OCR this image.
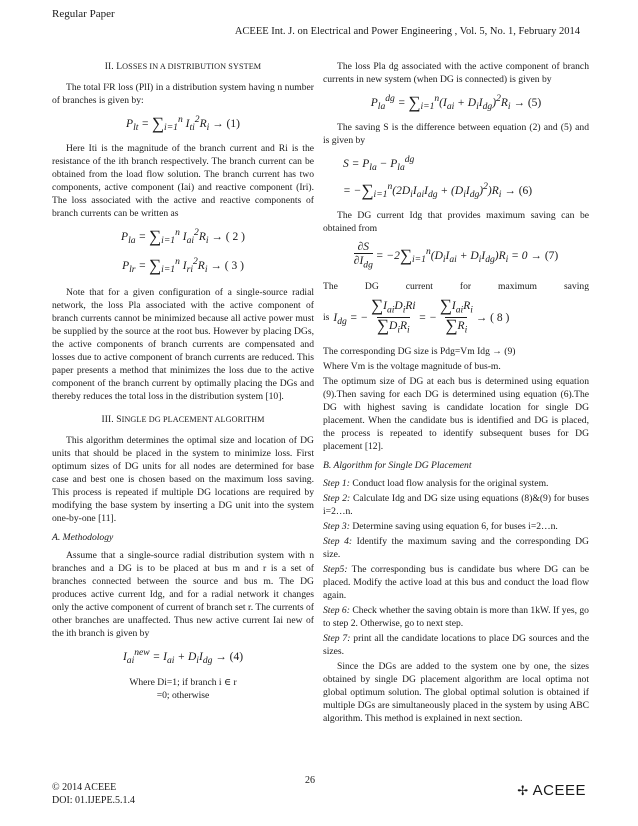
Regular Paper
ACEEE Int. J. on Electrical and Power Engineering , Vol. 5, No. 1, February 2014
II. LOSSES IN A DISTRIBUTION SYSTEM

The total I²R loss (PlI) in a distribution system having n number of branches is given by:

$P_{lt} = \sum_{i=1}^n$ $I_{ti}^2R_i \to (1)$

Here Iti is the magnitude of the branch current and Ri is the resistance of the ith branch respectively. The branch current can be obtained from the load flow solution. The branch current has two components, active component (Iai) and reactive component (Iri). The loss associated with the active and reactive components of branch currents can be written as

$P_{la} = \sum_{i=1}^n$ $I_{ai}^2R_i$ → ( 2 )
$P_{lr} = \sum_{i=1}^n$ $I_{ri}^2R_i$ → ( 3 )

Note that for a given configuration of a single-source radial network, the loss Pla associated with the active component of branch currents cannot be minimized because all active power must be supplied by the source at the root bus. However by placing DGs, the active components of branch currents are compensated and losses due to active component of branch currents are reduced. This paper presents a method that minimizes the loss due to the active component of the branch current by optimally placing the DGs and thereby reduces the total loss in the distribution system [10].

III. SINGLE DG PLACEMENT ALGORITHM

This algorithm determines the optimal size and location of DG units that should be placed in the system to minimize loss. First optimum sizes of DG units for all nodes are determined for base case and best one is chosen based on the maximum loss saving. This process is repeated if multiple DG locations are required by modifying the base system by inserting a DG unit into the system one-by-one [11].

A. Methodology

Assume that a single-source radial distribution system with n branches and a DG is to be placed at bus m and r is a set of branches connected between the source and bus m. The DG produces active current Idg, and for a radial network it changes only the active component of current of branch set r. The currents of other branches are unaffected. Thus new active current Iai new of the ith branch is given by

$I_{ai}^{new} = I_{ai} + D_iI_{dg} \to (4)$
Where Di=1; if branch i ∈ r
=0; otherwise

The loss Pla dg associated with the active component of branch currents in new system (when DG is connected) is given by

$P_{la}^{dg} = \sum_{i=1}^n(I_{ai} + D_iI_{dg})^2R_i \to (5)$

The saving S is the difference between equation (2) and (5) and is given by

$S = P_{la} - P_{la}^{dg}$
= $-\sum_{i=1}^n(2D_iI_{ai}I_{dg} + (D_iI_{dg})^2)R_i \to (6)$

The DG current Idg that provides maximum saving can be obtained from

∂S
$\partial I_{dg} = -2\sum_{i=1}^n(D_iI_{ai} + D_iI_{dg})R_i = 0 \to (7)$

The DG current for maximum saving

is $I_{dg}$ = − $\sum I_{ai}D_iRi$
$\sum D_iR_i$ = − $\sum I_{ai}R_i$
$\sum R_i$ → ( 8 )

The corresponding DG size is Pdg=Vm Idg → (9)

Where Vm is the voltage magnitude of bus-m.

The optimum size of DG at each bus is determined using equation (9).Then saving for each DG is determined using equation (6).The DG with highest saving is candidate location for single DG placement. When the candidate bus is identified and DG is placed, the process is repeated to identify subsequent buses for DG placement [12].

B. Algorithm for Single DG Placement

Step 1: Conduct load flow analysis for the original system.

Step 2: Calculate Idg and DG size using equations (8)&(9) for buses i=2…n.

Step 3: Determine saving using equation 6, for buses i=2…n.

Step 4: Identify the maximum saving and the corresponding DG size.

Step5: The corresponding bus is candidate bus where DG can be placed. Modify the active load at this bus and conduct the load flow again.

Step 6: Check whether the saving obtain is more than 1kW. If yes, go to step 2. Otherwise, go to next step.

Step 7: print all the candidate locations to place DG sources and the sizes.

Since the DGs are added to the system one by one, the sizes obtained by single DG placement algorithm are local optima not global optimum solution. The global optimal solution is obtained if multiple DGs are simultaneously placed in the system by using ABC algorithm. This method is explained in next section.

© 2014 ACEEE
DOI: 01.IJEPE.5.1.4
26
✢ ACEEE
